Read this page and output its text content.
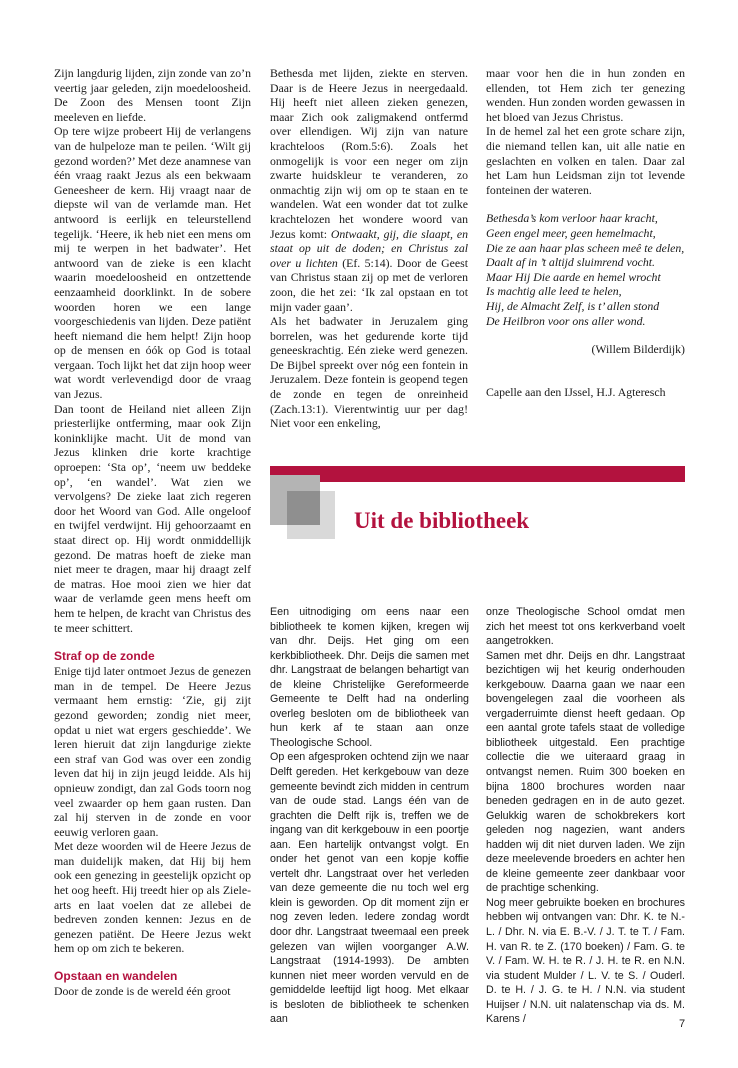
Zijn langdurig lijden, zijn zonde van zo’n veertig jaar geleden, zijn moedeloosheid. De Zoon des Mensen toont Zijn meeleven en liefde.

Op tere wijze probeert Hij de verlangens van de hulpeloze man te peilen. ‘Wilt gij gezond worden?’ Met deze anamnese van één vraag raakt Jezus als een bekwaam Geneesheer de kern. Hij vraagt naar de diepste wil van de verlamde man. Het antwoord is eerlijk en teleurstellend tegelijk. ‘Heere, ik heb niet een mens om mij te werpen in het badwater’. Het antwoord van de zieke is een klacht waarin moedeloosheid en ontzettende eenzaamheid doorklinkt. In de sobere woorden horen we een lange voorgeschiedenis van lijden. Deze patiënt heeft niemand die hem helpt! Zijn hoop op de mensen en óók op God is totaal vergaan. Toch lijkt het dat zijn hoop weer wat wordt verlevendigd door de vraag van Jezus.

Dan toont de Heiland niet alleen Zijn priesterlijke ontferming, maar ook Zijn koninklijke macht. Uit de mond van Jezus klinken drie korte krachtige oproepen: ‘Sta op’, ‘neem uw beddeke op’, ‘en wandel’. Wat zien we vervolgens? De zieke laat zich regeren door het Woord van God. Alle ongeloof en twijfel verdwijnt. Hij gehoorzaamt en staat direct op. Hij wordt onmiddellijk gezond. De matras hoeft de zieke man niet meer te dragen, maar hij draagt zelf de matras. Hoe mooi zien we hier dat waar de verlamde geen mens heeft om hem te helpen, de kracht van Christus des te meer schittert.

Straf op de zonde

Enige tijd later ontmoet Jezus de genezen man in de tempel. De Heere Jezus vermaant hem ernstig: ‘Zie, gij zijt gezond geworden; zondig niet meer, opdat u niet wat ergers geschiedde’. We leren hieruit dat zijn langdurige ziekte een straf van God was over een zondig leven dat hij in zijn jeugd leidde. Als hij opnieuw zondigt, dan zal Gods toorn nog veel zwaarder op hem gaan rusten. Dan zal hij sterven in de zonde en voor eeuwig verloren gaan.

Met deze woorden wil de Heere Jezus de man duidelijk maken, dat Hij bij hem ook een genezing in geestelijk opzicht op het oog heeft. Hij treedt hier op als Ziele-arts en laat voelen dat ze allebei de bedreven zonden kennen: Jezus en de genezen patiënt. De Heere Jezus wekt hem op om zich te bekeren.

Opstaan en wandelen

Door de zonde is de wereld één groot

Bethesda met lijden, ziekte en sterven. Daar is de Heere Jezus in neergedaald. Hij heeft niet alleen zieken genezen, maar Zich ook zaligmakend ontfermd over ellendigen. Wij zijn van nature krachteloos (Rom.5:6). Zoals het onmogelijk is voor een neger om zijn zwarte huidskleur te veranderen, zo onmachtig zijn wij om op te staan en te wandelen. Wat een wonder dat tot zulke krachtelozen het wondere woord van Jezus komt: Ontwaakt, gij, die slaapt, en staat op uit de doden; en Christus zal over u lichten (Ef. 5:14). Door de Geest van Christus staan zij op met de verloren zoon, die het zei: ‘Ik zal opstaan en tot mijn vader gaan’.

Als het badwater in Jeruzalem ging borrelen, was het gedurende korte tijd geneeskrachtig. Eén zieke werd genezen. De Bijbel spreekt over nóg een fontein in Jeruzalem. Deze fontein is geopend tegen de zonde en tegen de onreinheid (Zach.13:1). Vierentwintig uur per dag! Niet voor een enkeling,

maar voor hen die in hun zonden en ellenden, tot Hem zich ter genezing wenden. Hun zonden worden gewassen in het bloed van Jezus Christus.

In de hemel zal het een grote schare zijn, die niemand tellen kan, uit alle natie en geslachten en volken en talen. Daar zal het Lam hun Leidsman zijn tot levende fonteinen der wateren.

Bethesda’s kom verloor haar kracht,
Geen engel meer, geen hemelmacht,
Die ze aan haar plas scheen meê te delen,
Daalt af in ’t altijd sluimrend vocht.
Maar Hij Die aarde en hemel wrocht
Is machtig alle leed te helen,
Hij, de Almacht Zelf, is t’ allen stond
De Heilbron voor ons aller wond.

(Willem Bilderdijk)

Capelle aan den IJssel, H.J. Agteresch

Uit de bibliotheek

Een uitnodiging om eens naar een bibliotheek te komen kijken, kregen wij van dhr. Deijs. Het ging om een kerkbibliotheek. Dhr. Deijs die samen met dhr. Langstraat de belangen behartigt van de kleine Christelijke Gereformeerde Gemeente te Delft had na onderling overleg besloten om de bibliotheek van hun kerk af te staan aan onze Theologische School.

Op een afgesproken ochtend zijn we naar Delft gereden. Het kerkgebouw van deze gemeente bevindt zich midden in centrum van de oude stad. Langs één van de grachten die Delft rijk is, treffen we de ingang van dit kerkgebouw in een poortje aan. Een hartelijk ontvangst volgt. En onder het genot van een kopje koffie vertelt dhr. Langstraat over het verleden van deze gemeente die nu toch wel erg klein is geworden. Op dit moment zijn er nog zeven leden. Iedere zondag wordt door dhr. Langstraat tweemaal een preek gelezen van wijlen voorganger A.W. Langstraat (1914-1993). De ambten kunnen niet meer worden vervuld en de gemiddelde leeftijd ligt hoog. Met elkaar is besloten de bibliotheek te schenken aan

onze Theologische School omdat men zich het meest tot ons kerkverband voelt aangetrokken.

Samen met dhr. Deijs en dhr. Langstraat bezichtigen wij het keurig onderhouden kerkgebouw. Daarna gaan we naar een bovengelegen zaal die voorheen als vergaderruimte dienst heeft gedaan. Op een aantal grote tafels staat de volledige bibliotheek uitgestald. Een prachtige collectie die we uiteraard graag in ontvangst nemen. Ruim 300 boeken en bijna 1800 brochures worden naar beneden gedragen en in de auto gezet. Gelukkig waren de schokbrekers kort geleden nog nagezien, want anders hadden wij dit niet durven laden. We zijn deze meelevende broeders en achter hen de kleine gemeente zeer dankbaar voor de prachtige schenking.

Nog meer gebruikte boeken en brochures hebben wij ontvangen van: Dhr. K. te N.-L. / Dhr. N. via E. B.-V. / J. T. te T. / Fam. H. van R. te Z. (170 boeken) / Fam. G. te V. / Fam. W. H. te R. / J. H. te R. en N.N. via student Mulder / L. V. te S. / Ouderl. D. te H. / J. G. te H. / N.N. via student Huijser / N.N. uit nalatenschap via ds. M. Karens /	7
